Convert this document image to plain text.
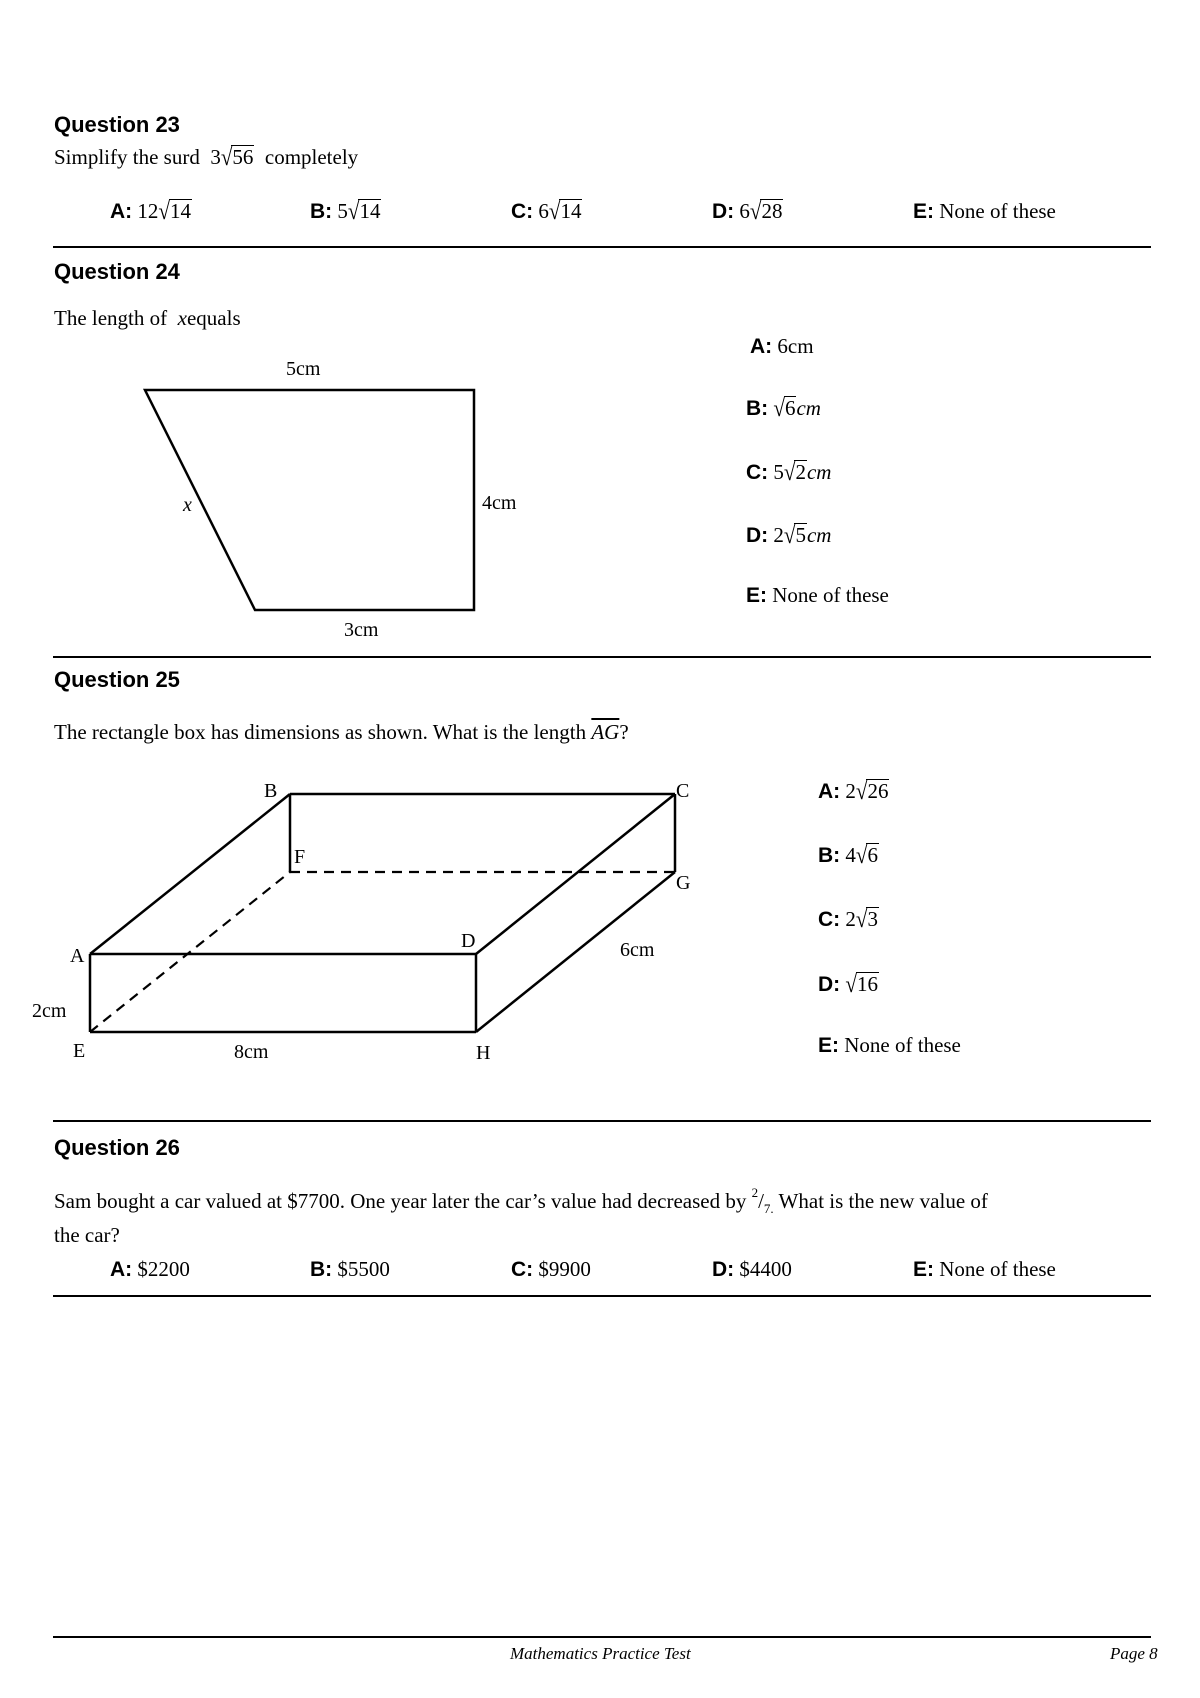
Question 23
Simplify the surd 3√56 completely
A: 12√14	B: 5√14	C: 6√14	D: 6√28	E: None of these
Question 24
The length of xequals
5cm
4cm
3cm
x
A: 6cm
B: √6cm
C: 5√2cm
D: 2√5cm
E: None of these
Question 25
The rectangle box has dimensions as shown. What is the length $\overline{AG}$?
B	C
F
G
A
D
E	H
2cm
8cm
6cm
A: 2√26
B: 4√6
C: 2√3
D: √16
E: None of these
Question 26
Sam bought a car valued at $7700. One year later the car’s value had decreased by $^2/_{7.}$ What is the new value of
the car?
A: $2200	B: $5500	C: $9900	D: $4400	E: None of these
Mathematics Practice Test	Page 8
